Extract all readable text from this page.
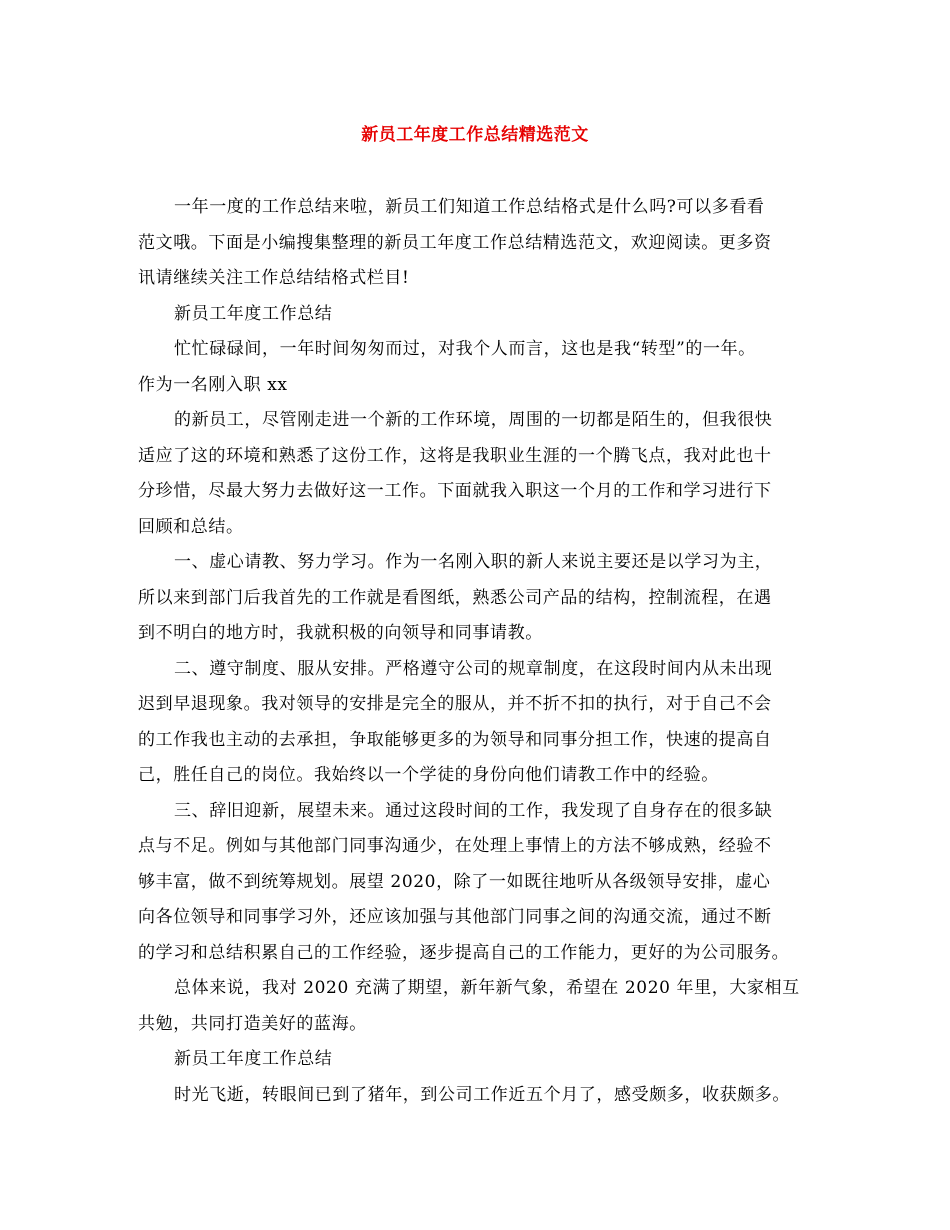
新员工年度工作总结精选范文
一年一度的工作总结来啦，新员工们知道工作总结格式是什么吗?可以多看看
范文哦。下面是小编搜集整理的新员工年度工作总结精选范文，欢迎阅读。更多资
讯请继续关注工作总结结格式栏目!
新员工年度工作总结
忙忙碌碌间，一年时间匆匆而过，对我个人而言，这也是我“转型”的一年。
作为一名刚入职 xx
的新员工，尽管刚走进一个新的工作环境，周围的一切都是陌生的，但我很快
适应了这的环境和熟悉了这份工作，这将是我职业生涯的一个腾飞点，我对此也十
分珍惜，尽最大努力去做好这一工作。下面就我入职这一个月的工作和学习进行下
回顾和总结。
一、虚心请教、努力学习。作为一名刚入职的新人来说主要还是以学习为主，
所以来到部门后我首先的工作就是看图纸，熟悉公司产品的结构，控制流程，在遇
到不明白的地方时，我就积极的向领导和同事请教。
二、遵守制度、服从安排。严格遵守公司的规章制度，在这段时间内从未出现
迟到早退现象。我对领导的安排是完全的服从，并不折不扣的执行，对于自己不会
的工作我也主动的去承担，争取能够更多的为领导和同事分担工作，快速的提高自
己，胜任自己的岗位。我始终以一个学徒的身份向他们请教工作中的经验。
三、辞旧迎新，展望未来。通过这段时间的工作，我发现了自身存在的很多缺
点与不足。例如与其他部门同事沟通少，在处理上事情上的方法不够成熟，经验不
够丰富，做不到统筹规划。展望 2020，除了一如既往地听从各级领导安排，虚心
向各位领导和同事学习外，还应该加强与其他部门同事之间的沟通交流，通过不断
的学习和总结积累自己的工作经验，逐步提高自己的工作能力，更好的为公司服务。
总体来说，我对 2020 充满了期望，新年新气象，希望在 2020 年里，大家相互
共勉，共同打造美好的蓝海。
新员工年度工作总结
时光飞逝，转眼间已到了猪年，到公司工作近五个月了，感受颇多，收获颇多。
